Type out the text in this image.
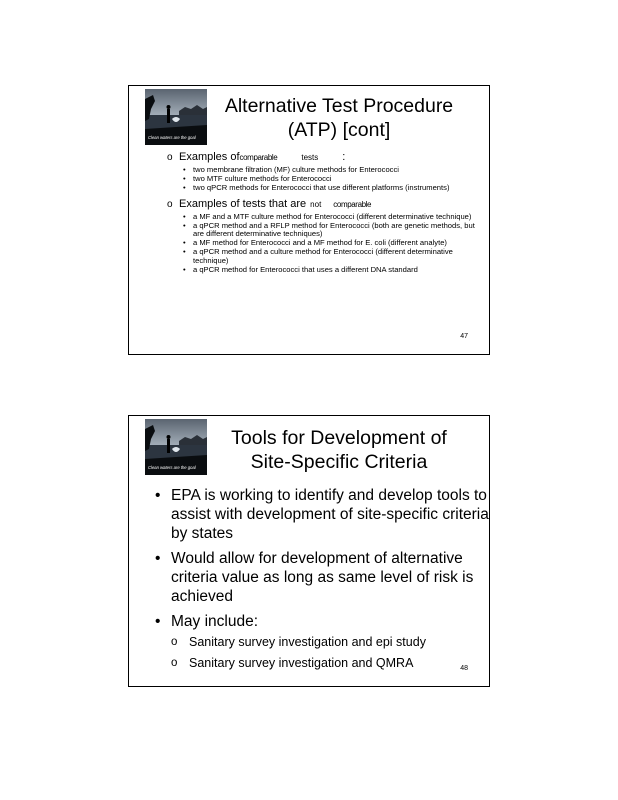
Clean waters are the goal
Alternative Test Procedure
(ATP) [cont]
o Examples ofcomparable	tests :
• two membrane filtration (MF) culture methods for Enterococci
• two MTF culture methods for Enterococci
• two qPCR methods for Enterococci that use different platforms (instruments)
o Examples of tests that are not comparable
• a MF and a MTF culture method for Enterococci (different determinative technique)
• a qPCR method and a RFLP method for Enterococci (both are genetic methods, but are different determinative techniques)
• a MF method for Enterococci and a MF method for E. coli (different analyte)
• a qPCR method and a culture method for Enterococci (different determinative technique)
• a qPCR method for Enterococci that uses a different DNA standard
47
Clean waters are the goal
Tools for Development of
Site-Specific Criteria
• EPA is working to identify and develop tools to assist with development of site-specific criteria by states
• Would allow for development of alternative criteria value as long as same level of risk is achieved
• May include:
o Sanitary survey investigation and epi study
o Sanitary survey investigation and QMRA	48
